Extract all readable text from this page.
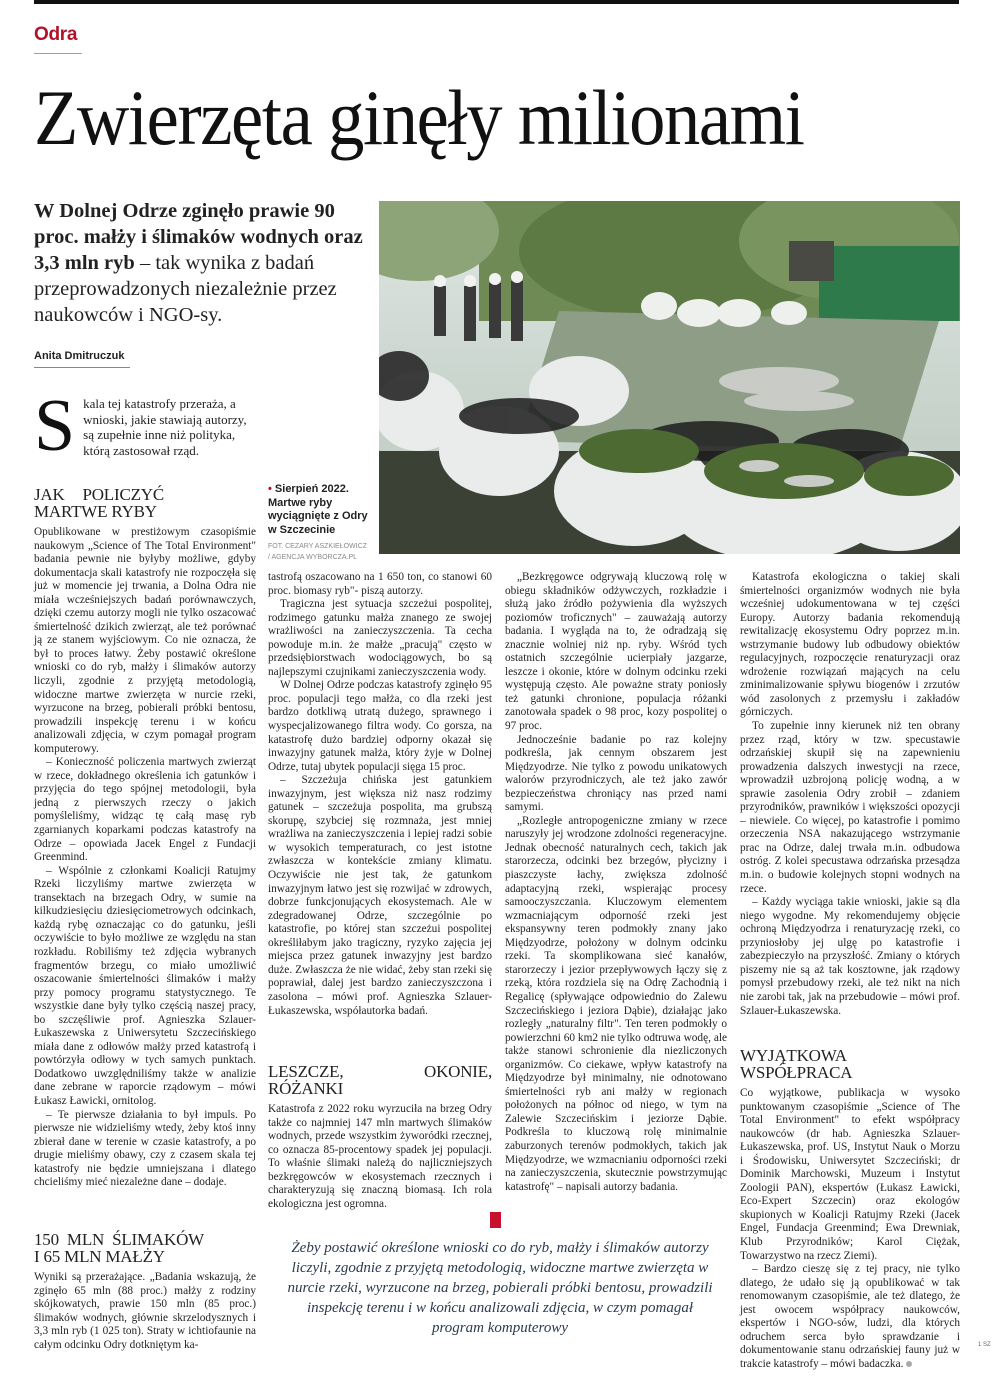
Odra
Zwierzęta ginęły milionami
W Dolnej Odrze zginęło prawie 90 proc. małży i ślimaków wodnych oraz 3,3 mln ryb – tak wynika z badań przeprowadzonych niezależnie przez naukowców i NGO-sy.
Anita Dmitruczuk
S kala tej katastrofy przeraża, a wnioski, jakie stawiają autorzy, są zupełnie inne niż polityka, którą zastosował rząd.
• Sierpień 2022. Martwe ryby wyciągnięte z Odry w Szczecinie
FOT. CEZARY ASZKIEŁOWICZ
/ AGENCJA WYBORCZA.PL
JAK POLICZYĆ MARTWE RYBY

Opublikowane w prestiżowym czasopiśmie naukowym „Science of The Total Environment" badania pewnie nie byłyby możliwe, gdyby dokumentacja skali katastrofy nie rozpoczęła się już w momencie jej trwania, a Dolna Odra nie miała wcześniejszych badań porównawczych, dzięki czemu autorzy mogli nie tylko oszacować śmiertelność dzikich zwierząt, ale też porównać ją ze stanem wyjściowym. Co nie oznacza, że był to proces łatwy. Żeby postawić określone wnioski co do ryb, małży i ślimaków autorzy liczyli, zgodnie z przyjętą metodologią, widoczne martwe zwierzęta w nurcie rzeki, wyrzucone na brzeg, pobierali próbki bentosu, prowadzili inspekcję terenu i w końcu analizowali zdjęcia, w czym pomagał program komputerowy.

– Konieczność policzenia martwych zwierząt w rzece, dokładnego określenia ich gatunków i przyjęcia do tego spójnej metodologii, była jedną z pierwszych rzeczy o jakich pomyśleliśmy, widząc tę całą masę ryb zgarnianych koparkami podczas katastrofy na Odrze – opowiada Jacek Engel z Fundacji Greenmind.

– Wspólnie z członkami Koalicji Ratujmy Rzeki liczyliśmy martwe zwierzęta w transektach na brzegach Odry, w sumie na kilkudziesięciu dziesięciometrowych odcinkach, każdą rybę oznaczając co do gatunku, jeśli oczywiście to było możliwe ze względu na stan rozkładu. Robiliśmy też zdjęcia wybranych fragmentów brzegu, co miało umożliwić oszacowanie śmiertelności ślimaków i małży przy pomocy programu statystycznego. Te wszystkie dane były tylko częścią naszej pracy, bo szczęśliwie prof. Agnieszka Szlauer-Łukaszewska z Uniwersytetu Szczecińskiego miała dane z odłowów małży przed katastrofą i powtórzyła odłowy w tych samych punktach. Dodatkowo uwzględniliśmy także w analizie dane zebrane w raporcie rządowym – mówi Łukasz Ławicki, ornitolog.

– Te pierwsze działania to był impuls. Po pierwsze nie widzieliśmy wtedy, żeby ktoś inny zbierał dane w terenie w czasie katastrofy, a po drugie mieliśmy obawy, czy z czasem skala tej katastrofy nie będzie umniejszana i dlatego chcieliśmy mieć niezależne dane – dodaje.

150 MLN ŚLIMAKÓW I 65 MLN MAŁŻY

Wyniki są przerażające. „Badania wskazują, że zginęło 65 mln (88 proc.) małży z rodziny skójkowatych, prawie 150 mln (85 proc.) ślimaków wodnych, głównie skrzelodysznych i 3,3 mln ryb (1 025 ton). Straty w ichtiofaunie na całym odcinku Odry dotkniętym ka-

tastrofą oszacowano na 1 650 ton, co stanowi 60 proc. biomasy ryb"- piszą autorzy.

Tragiczna jest sytuacja szczeżui pospolitej, rodzimego gatunku małża znanego ze swojej wrażliwości na zanieczyszczenia. Ta cecha powoduje m.in. że małże „pracują" często w przedsiębiorstwach wodociągowych, bo są najlepszymi czujnikami zanieczyszczenia wody.

W Dolnej Odrze podczas katastrofy zginęło 95 proc. populacji tego małża, co dla rzeki jest bardzo dotkliwą utratą dużego, sprawnego i wyspecjalizowanego filtra wody. Co gorsza, na katastrofę dużo bardziej odporny okazał się inwazyjny gatunek małża, który żyje w Dolnej Odrze, tutaj ubytek populacji sięga 15 proc.

– Szczeżuja chińska jest gatunkiem inwazyjnym, jest większa niż nasz rodzimy gatunek – szczeżuja pospolita, ma grubszą skorupę, szybciej się rozmnaża, jest mniej wrażliwa na zanieczyszczenia i lepiej radzi sobie w wysokich temperaturach, co jest istotne zwłaszcza w kontekście zmiany klimatu. Oczywiście nie jest tak, że gatunkom inwazyjnym łatwo jest się rozwijać w zdrowych, dobrze funkcjonujących ekosystemach. Ale w zdegradowanej Odrze, szczególnie po katastrofie, po której stan szczeżui pospolitej określiłabym jako tragiczny, ryzyko zajęcia jej miejsca przez gatunek inwazyjny jest bardzo duże. Zwłaszcza że nie widać, żeby stan rzeki się poprawiał, dalej jest bardzo zanieczyszczona i zasolona – mówi prof. Agnieszka Szlauer-Łukaszewska, współautorka badań.

LESZCZE, OKONIE, RÓŻANKI

Katastrofa z 2022 roku wyrzuciła na brzeg Odry także co najmniej 147 mln martwych ślimaków wodnych, przede wszystkim żyworódki rzecznej, co oznacza 85-procentowy spadek jej populacji. To właśnie ślimaki należą do najliczniejszych bezkręgowców w ekosystemach rzecznych i charakteryzują się znaczną biomasą. Ich rola ekologiczna jest ogromna.

„Bezkręgowce odgrywają kluczową rolę w obiegu składników odżywczych, rozkładzie i służą jako źródło pożywienia dla wyższych poziomów troficznych" – zauważają autorzy badania. I wygląda na to, że odradzają się znacznie wolniej niż np. ryby. Wśród tych ostatnich szczególnie ucierpiały jazgarze, leszcze i okonie, które w dolnym odcinku rzeki występują często. Ale poważne straty poniosły też gatunki chronione, populacja różanki zanotowała spadek o 98 proc, kozy pospolitej o 97 proc.

Jednocześnie badanie po raz kolejny podkreśla, jak cennym obszarem jest Międzyodrze. Nie tylko z powodu unikatowych walorów przyrodniczych, ale też jako zawór bezpieczeństwa chroniący nas przed nami samymi.

„Rozległe antropogeniczne zmiany w rzece naruszyły jej wrodzone zdolności regeneracyjne. Jednak obecność naturalnych cech, takich jak starorzecza, odcinki bez brzegów, płycizny i piaszczyste łachy, zwiększa zdolność adaptacyjną rzeki, wspierając procesy samooczyszczania. Kluczowym elementem wzmacniającym odporność rzeki jest ekspansywny teren podmokły znany jako Międzyodrze, położony w dolnym odcinku rzeki. Ta skomplikowana sieć kanałów, starorzeczy i jezior przepływowych łączy się z rzeką, która rozdziela się na Odrę Zachodnią i Regalicę (spływające odpowiednio do Zalewu Szczecińskiego i jeziora Dąbie), działając jako rozległy „naturalny filtr". Ten teren podmokły o powierzchni 60 km2 nie tylko odtruwa wodę, ale także stanowi schronienie dla niezliczonych organizmów. Co ciekawe, wpływ katastrofy na Międzyodrze był minimalny, nie odnotowano śmiertelności ryb ani małży w regionach położonych na północ od niego, w tym na Zalewie Szczecińskim i jeziorze Dąbie. Podkreśla to kluczową rolę minimalnie zaburzonych terenów podmokłych, takich jak Międzyodrze, we wzmacnianiu odporności rzeki na zanieczyszczenia, skutecznie powstrzymując katastrofę" – napisali autorzy badania.

Katastrofa ekologiczna o takiej skali śmiertelności organizmów wodnych nie była wcześniej udokumentowana w tej części Europy. Autorzy badania rekomendują rewitalizację ekosystemu Odry poprzez m.in. wstrzymanie budowy lub odbudowy obiektów regulacyjnych, rozpoczęcie renaturyzacji oraz wdrożenie rozwiązań mających na celu zminimalizowanie spływu biogenów i zrzutów wód zasolonych z przemysłu i zakładów górniczych.

To zupełnie inny kierunek niż ten obrany przez rząd, który w tzw. specustawie odrzańskiej skupił się na zapewnieniu prowadzenia dalszych inwestycji na rzece, wprowadził uzbrojoną policję wodną, a w sprawie zasolenia Odry zrobił – zdaniem przyrodników, prawników i większości opozycji – niewiele. Co więcej, po katastrofie i pomimo orzeczenia NSA nakazującego wstrzymanie prac na Odrze, dalej trwała m.in. odbudowa ostróg. Z kolei specustawa odrzańska przesądza m.in. o budowie kolejnych stopni wodnych na rzece.

– Każdy wyciąga takie wnioski, jakie są dla niego wygodne. My rekomendujemy objęcie ochroną Międzyodrza i renaturyzację rzeki, co przyniosłoby jej ulgę po katastrofie i zabezpieczyło na przyszłość. Zmiany o których piszemy nie są aż tak kosztowne, jak rządowy pomysł przebudowy rzeki, ale też nikt na nich nie zarobi tak, jak na przebudowie – mówi prof. Szlauer-Łukaszewska.

WYJĄTKOWA WSPÓŁPRACA

Co wyjątkowe, publikacja w wysoko punktowanym czasopiśmie „Science of The Total Environment" to efekt współpracy naukowców (dr hab. Agnieszka Szlauer-Łukaszewska, prof. US, Instytut Nauk o Morzu i Środowisku, Uniwersytet Szczeciński; dr Dominik Marchowski, Muzeum i Instytut Zoologii PAN), ekspertów (Łukasz Ławicki, Eco-Expert Szczecin) oraz ekologów skupionych w Koalicji Ratujmy Rzeki (Jacek Engel, Fundacja Greenmind; Ewa Drewniak, Klub Przyrodników; Karol Ciężak, Towarzystwo na rzecz Ziemi).

– Bardzo cieszę się z tej pracy, nie tylko dlatego, że udało się ją opublikować w tak renomowanym czasopiśmie, ale też dlatego, że jest owocem współpracy naukowców, ekspertów i NGO-sów, ludzi, dla których odruchem serca było sprawdzanie i dokumentowanie stanu odrzańskiej fauny już w trakcie katastrofy – mówi badaczka.

Żeby postawić określone wnioski co do ryb, małży i ślimaków autorzy liczyli, zgodnie z przyjętą metodologią, widoczne martwe zwierzęta w nurcie rzeki, wyrzucone na brzeg, pobierali próbki bentosu, prowadzili inspekcję terenu i w końcu analizowali zdjęcia, w czym pomagał program komputerowy
1 SZ
